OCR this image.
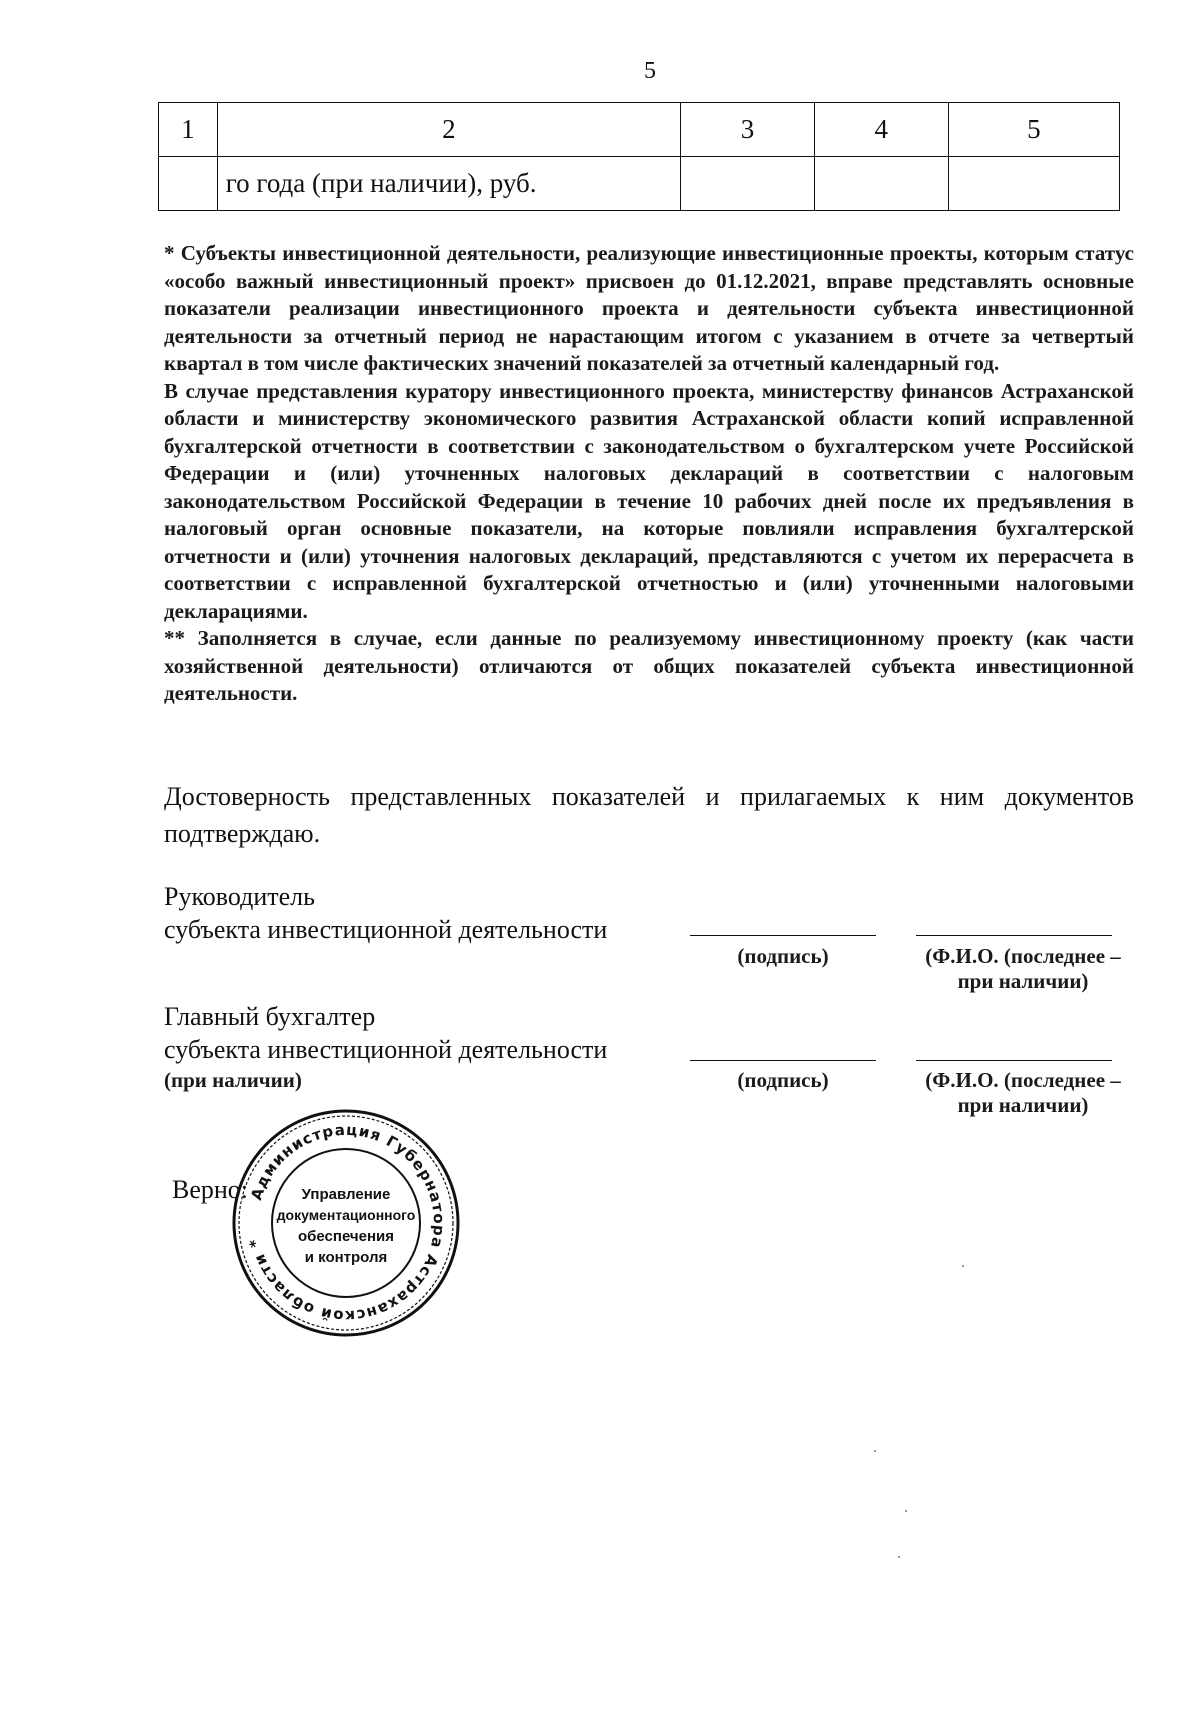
5
1	2	3	4	5
	го года (при наличии), руб.			

* Субъекты инвестиционной деятельности, реализующие инвестиционные проекты, которым статус «особо важный инвестиционный проект» присвоен до 01.12.2021, вправе представлять основные показатели реализации инвестиционного проекта и деятельности субъекта инвестиционной деятельности за отчетный период не нарастающим итогом с указанием в отчете за четвертый квартал в том числе фактических значений показателей за отчетный календарный год.

В случае представления куратору инвестиционного проекта, министерству финансов Астраханской области и министерству экономического развития Астраханской области копий исправленной бухгалтерской отчетности в соответствии с законодательством о бухгалтерском учете Российской Федерации и (или) уточненных налоговых деклараций в соответствии с налоговым законодательством Российской Федерации в течение 10 рабочих дней после их предъявления в налоговый орган основные показатели, на которые повлияли исправления бухгалтерской отчетности и (или) уточнения налоговых деклараций, представляются с учетом их перерасчета в соответствии с исправленной бухгалтерской отчетностью и (или) уточненными налоговыми декларациями.

** Заполняется в случае, если данные по реализуемому инвестиционному проекту (как части хозяйственной деятельности) отличаются от общих показателей субъекта инвестиционной деятельности.

Достоверность представленных показателей и прилагаемых к ним документов подтверждаю.
Руководитель
субъекта инвестиционной деятельности
(подпись)	(Ф.И.О. (последнее –
при наличии)
Главный бухгалтер
субъекта инвестиционной деятельности
(при наличии)	(подпись)	(Ф.И.О. (последнее –
при наличии)
Верно: Администрация Губернатора Астраханской области *
Управление
документационного
обеспечения
и контроля
